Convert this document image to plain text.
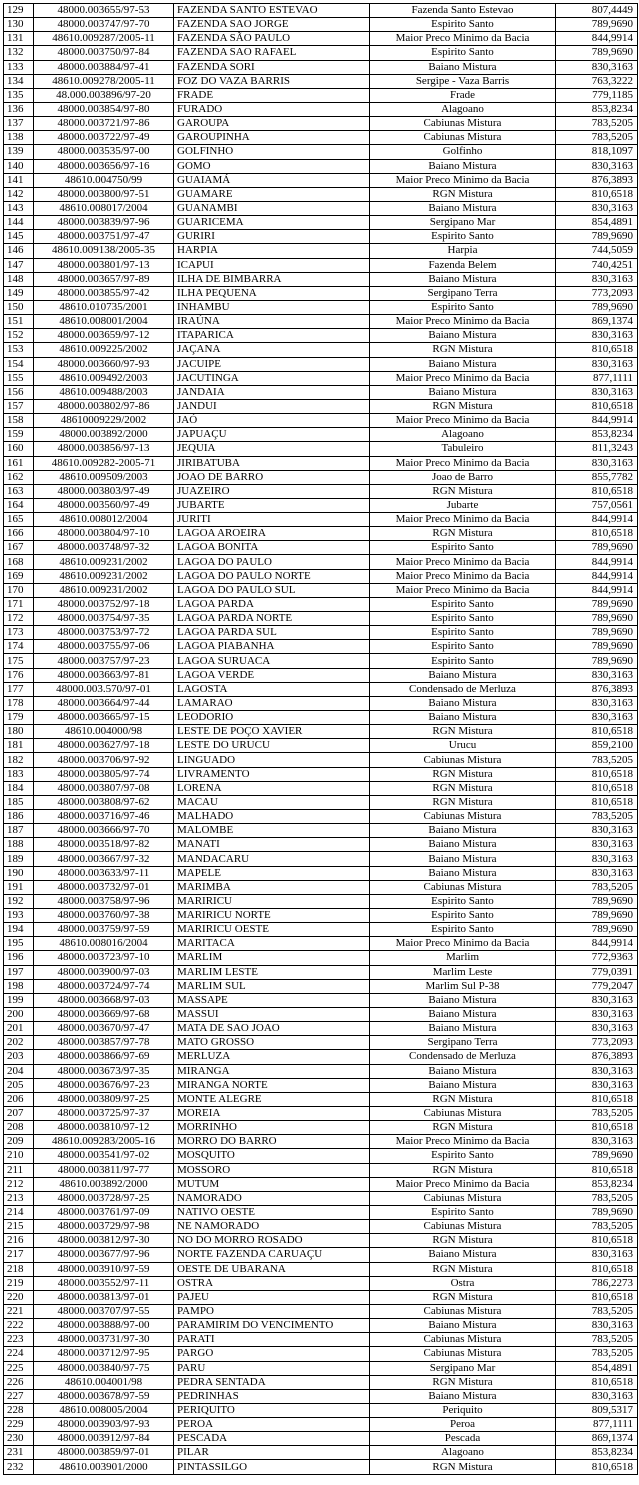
129	48000.003655/97-53	FAZENDA SANTO ESTEVAO	Fazenda Santo Estevao	807,4449
130	48000.003747/97-70	FAZENDA SAO JORGE	Espirito Santo	789,9690
131	48610.009287/2005-11	FAZENDA SÃO PAULO	Maior Preco Minimo da Bacia	844,9914
132	48000.003750/97-84	FAZENDA SAO RAFAEL	Espirito Santo	789,9690
133	48000.003884/97-41	FAZENDA SORI	Baiano Mistura	830,3163
134	48610.009278/2005-11	FOZ DO VAZA BARRIS	Sergipe - Vaza Barris	763,3222
135	48.000.003896/97-20	FRADE	Frade	779,1185
136	48000.003854/97-80	FURADO	Alagoano	853,8234
137	48000.003721/97-86	GAROUPA	Cabiunas Mistura	783,5205
138	48000.003722/97-49	GAROUPINHA	Cabiunas Mistura	783,5205
139	48000.003535/97-00	GOLFINHO	Golfinho	818,1097
140	48000.003656/97-16	GOMO	Baiano Mistura	830,3163
141	48610.004750/99	GUAIAMÁ	Maior Preco Minimo da Bacia	876,3893
142	48000.003800/97-51	GUAMARE	RGN Mistura	810,6518
143	48610.008017/2004	GUANAMBI	Baiano Mistura	830,3163
144	48000.003839/97-96	GUARICEMA	Sergipano Mar	854,4891
145	48000.003751/97-47	GURIRI	Espirito Santo	789,9690
146	48610.009138/2005-35	HARPIA	Harpia	744,5059
147	48000.003801/97-13	ICAPUI	Fazenda Belem	740,4251
148	48000.003657/97-89	ILHA DE BIMBARRA	Baiano Mistura	830,3163
149	48000.003855/97-42	ILHA PEQUENA	Sergipano Terra	773,2093
150	48610.010735/2001	INHAMBU	Espirito Santo	789,9690
151	48610.008001/2004	IRAÚNA	Maior Preco Minimo da Bacia	869,1374
152	48000.003659/97-12	ITAPARICA	Baiano Mistura	830,3163
153	48610.009225/2002	JAÇANA	RGN Mistura	810,6518
154	48000.003660/97-93	JACUIPE	Baiano Mistura	830,3163
155	48610.009492/2003	JACUTINGA	Maior Preco Minimo da Bacia	877,1111
156	48610.009488/2003	JANDAIA	Baiano Mistura	830,3163
157	48000.003802/97-86	JANDUI	RGN Mistura	810,6518
158	48610009229/2002	JAÓ	Maior Preco Minimo da Bacia	844,9914
159	48000.003892/2000	JAPUAÇU	Alagoano	853,8234
160	48000.003856/97-13	JEQUIA	Tabuleiro	811,3243
161	48610.009282-2005-71	JIRIBATUBA	Maior Preco Minimo da Bacia	830,3163
162	48610.009509/2003	JOAO DE BARRO	Joao de Barro	855,7782
163	48000.003803/97-49	JUAZEIRO	RGN Mistura	810,6518
164	48000.003560/97-49	JUBARTE	Jubarte	757,0561
165	48610.008012/2004	JURITI	Maior Preco Minimo da Bacia	844,9914
166	48000.003804/97-10	LAGOA AROEIRA	RGN Mistura	810,6518
167	48000.003748/97-32	LAGOA BONITA	Espirito Santo	789,9690
168	48610.009231/2002	LAGOA DO PAULO	Maior Preco Minimo da Bacia	844,9914
169	48610.009231/2002	LAGOA DO PAULO NORTE	Maior Preco Minimo da Bacia	844,9914
170	48610.009231/2002	LAGOA DO PAULO SUL	Maior Preco Minimo da Bacia	844,9914
171	48000.003752/97-18	LAGOA PARDA	Espirito Santo	789,9690
172	48000.003754/97-35	LAGOA PARDA NORTE	Espirito Santo	789,9690
173	48000.003753/97-72	LAGOA PARDA SUL	Espirito Santo	789,9690
174	48000.003755/97-06	LAGOA PIABANHA	Espirito Santo	789,9690
175	48000.003757/97-23	LAGOA SURUACA	Espirito Santo	789,9690
176	48000.003663/97-81	LAGOA VERDE	Baiano Mistura	830,3163
177	48000.003.570/97-01	LAGOSTA	Condensado de Merluza	876,3893
178	48000.003664/97-44	LAMARAO	Baiano Mistura	830,3163
179	48000.003665/97-15	LEODORIO	Baiano Mistura	830,3163
180	48610.004000/98	LESTE DE POÇO XAVIER	RGN Mistura	810,6518
181	48000.003627/97-18	LESTE DO URUCU	Urucu	859,2100
182	48000.003706/97-92	LINGUADO	Cabiunas Mistura	783,5205
183	48000.003805/97-74	LIVRAMENTO	RGN Mistura	810,6518
184	48000.003807/97-08	LORENA	RGN Mistura	810,6518
185	48000.003808/97-62	MACAU	RGN Mistura	810,6518
186	48000.003716/97-46	MALHADO	Cabiunas Mistura	783,5205
187	48000.003666/97-70	MALOMBE	Baiano Mistura	830,3163
188	48000.003518/97-82	MANATI	Baiano Mistura	830,3163
189	48000.003667/97-32	MANDACARU	Baiano Mistura	830,3163
190	48000.003633/97-11	MAPELE	Baiano Mistura	830,3163
191	48000.003732/97-01	MARIMBA	Cabiunas Mistura	783,5205
192	48000.003758/97-96	MARIRICU	Espirito Santo	789,9690
193	48000.003760/97-38	MARIRICU NORTE	Espirito Santo	789,9690
194	48000.003759/97-59	MARIRICU OESTE	Espirito Santo	789,9690
195	48610.008016/2004	MARITACA	Maior Preco Minimo da Bacia	844,9914
196	48000.003723/97-10	MARLIM	Marlim	772,9363
197	48000.003900/97-03	MARLIM LESTE	Marlim Leste	779,0391
198	48000.003724/97-74	MARLIM SUL	Marlim Sul P-38	779,2047
199	48000.003668/97-03	MASSAPE	Baiano Mistura	830,3163
200	48000.003669/97-68	MASSUI	Baiano Mistura	830,3163
201	48000.003670/97-47	MATA DE SAO JOAO	Baiano Mistura	830,3163
202	48000.003857/97-78	MATO GROSSO	Sergipano Terra	773,2093
203	48000.003866/97-69	MERLUZA	Condensado de Merluza	876,3893
204	48000.003673/97-35	MIRANGA	Baiano Mistura	830,3163
205	48000.003676/97-23	MIRANGA NORTE	Baiano Mistura	830,3163
206	48000.003809/97-25	MONTE ALEGRE	RGN Mistura	810,6518
207	48000.003725/97-37	MOREIA	Cabiunas Mistura	783,5205
208	48000.003810/97-12	MORRINHO	RGN Mistura	810,6518
209	48610.009283/2005-16	MORRO DO BARRO	Maior Preco Minimo da Bacia	830,3163
210	48000.003541/97-02	MOSQUITO	Espirito Santo	789,9690
211	48000.003811/97-77	MOSSORO	RGN Mistura	810,6518
212	48610.003892/2000	MUTUM	Maior Preco Minimo da Bacia	853,8234
213	48000.003728/97-25	NAMORADO	Cabiunas Mistura	783,5205
214	48000.003761/97-09	NATIVO OESTE	Espirito Santo	789,9690
215	48000.003729/97-98	NE NAMORADO	Cabiunas Mistura	783,5205
216	48000.003812/97-30	NO DO MORRO ROSADO	RGN Mistura	810,6518
217	48000.003677/97-96	NORTE FAZENDA CARUAÇU	Baiano Mistura	830,3163
218	48000.003910/97-59	OESTE DE UBARANA	RGN Mistura	810,6518
219	48000.003552/97-11	OSTRA	Ostra	786,2273
220	48000.003813/97-01	PAJEU	RGN Mistura	810,6518
221	48000.003707/97-55	PAMPO	Cabiunas Mistura	783,5205
222	48000.003888/97-00	PARAMIRIM DO VENCIMENTO	Baiano Mistura	830,3163
223	48000.003731/97-30	PARATI	Cabiunas Mistura	783,5205
224	48000.003712/97-95	PARGO	Cabiunas Mistura	783,5205
225	48000.003840/97-75	PARU	Sergipano Mar	854,4891
226	48610.004001/98	PEDRA SENTADA	RGN Mistura	810,6518
227	48000.003678/97-59	PEDRINHAS	Baiano Mistura	830,3163
228	48610.008005/2004	PERIQUITO	Periquito	809,5317
229	48000.003903/97-93	PEROA	Peroa	877,1111
230	48000.003912/97-84	PESCADA	Pescada	869,1374
231	48000.003859/97-01	PILAR	Alagoano	853,8234
232	48610.003901/2000	PINTASSILGO	RGN Mistura	810,6518
